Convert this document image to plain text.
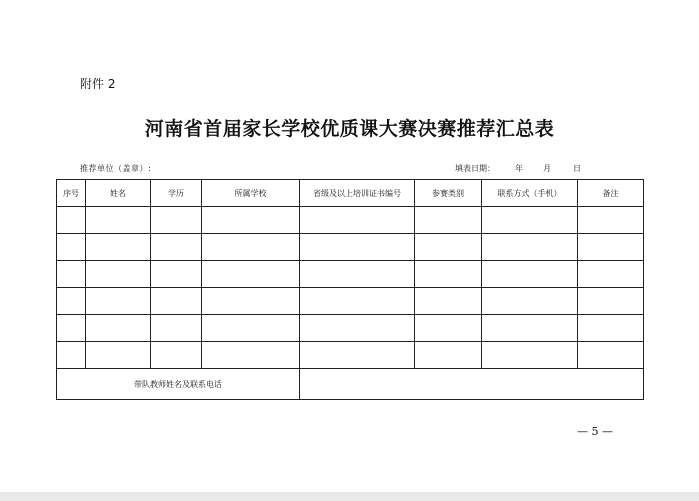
附件 2
河南省首届家长学校优质课大赛决赛推荐汇总表
推荐单位（盖章）:	填表日期：	年	月	日
序号	姓名	学历	所属学校	省级及以上培训证书编号	参赛类别	联系方式（手机）	备注

带队教师姓名及联系电话							
— 5 —
